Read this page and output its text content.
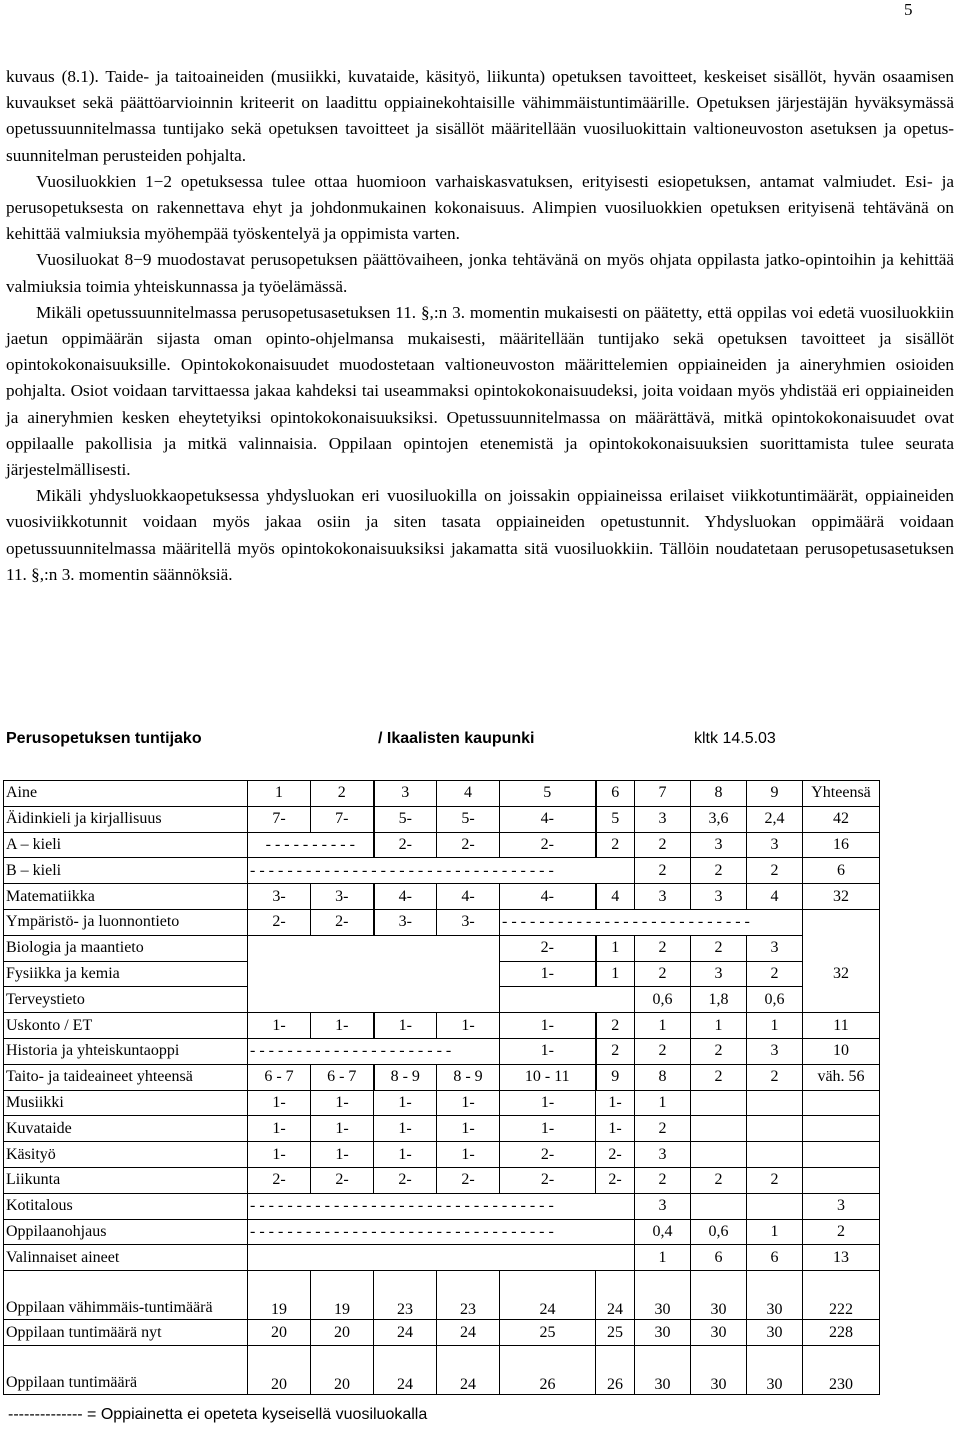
5

kuvaus (8.1). Taide- ja taitoaineiden (musiikki, kuvataide, käsityö, liikunta) opetuksen tavoitteet, keskeiset sisällöt, hyvän osaamisen kuvaukset sekä päättöarvioinnin kriteerit on laadittu oppiainekohtaisille vähimmäistuntimäärille. Opetuksen järjestäjän hyväksymässä opetussuunnitelmassa tuntijako sekä opetuksen tavoitteet ja sisällöt määritellään vuosiluokittain valtioneuvoston asetuksen ja opetus-suunnitelman perusteiden pohjalta.

Vuosiluokkien 1−2 opetuksessa tulee ottaa huomioon varhaiskasvatuksen, erityisesti esiopetuksen, antamat valmiudet. Esi- ja perusopetuksesta on rakennettava ehyt ja johdonmukainen kokonaisuus. Alimpien vuosiluokkien opetuksen erityisenä tehtävänä on kehittää valmiuksia myöhempää työskentelyä ja oppimista varten.

Vuosiluokat 8−9 muodostavat perusopetuksen päättövaiheen, jonka tehtävänä on myös ohjata oppilasta jatko-opintoihin ja kehittää valmiuksia toimia yhteiskunnassa ja työelämässä.

Mikäli opetussuunnitelmassa perusopetusasetuksen 11. §,:n 3. momentin mukaisesti on päätetty, että oppilas voi edetä vuosiluokkiin jaetun oppimäärän sijasta oman opinto-ohjelmansa mukaisesti, määritellään tuntijako sekä opetuksen tavoitteet ja sisällöt opintokokonaisuuksille. Opintokokonaisuudet muodostetaan valtioneuvoston määrittelemien oppiaineiden ja aineryhmien osioiden pohjalta. Osiot voidaan tarvittaessa jakaa kahdeksi tai useammaksi opintokokonaisuudeksi, joita voidaan myös yhdistää eri oppiaineiden ja aineryhmien kesken eheytetyiksi opintokokonaisuuksiksi. Opetussuunnitelmassa on määrättävä, mitkä opintokokonaisuudet ovat oppilaalle pakollisia ja mitkä valinnaisia. Oppilaan opintojen etenemistä ja opintokokonaisuuksien suorittamista tulee seurata järjestelmällisesti.

Mikäli yhdysluokkaopetuksessa yhdysluokan eri vuosiluokilla on joissakin oppiaineissa erilaiset viikkotuntimäärät, oppiaineiden vuosiviikkotunnit voidaan myös jakaa osiin ja siten tasata oppiaineiden opetustunnit. Yhdysluokan oppimäärä voidaan opetussuunnitelmassa määritellä myös opintokokonaisuuksiksi jakamatta sitä vuosiluokkiin. Tällöin noudatetaan perusopetusasetuksen 11. §,:n 3. momentin säännöksiä.

Perusopetuksen tuntijako	/ Ikaalisten kaupunki	kltk 14.5.03
Aine	1	2	3	4	5	6	7	8	9	Yhteensä
Äidinkieli ja kirjallisuus	7-	7-	5-	5-	4-	5	3	3,6	2,4	42
A – kieli	- - - - - - - - - -		2-	2-	2-	2	2	3	3	16
B – kieli	- - - - - - - - - - - - - - - - - - - - - - - - - - - - - - - - -						2	2	2	6
Matematiikka	3-	3-	4-	4-	4-	4	3	3	4	32
Ympäristö- ja luonnontieto	2-	2-	3-	3-	- - - - - - - - - - - - - - - - - - - - - - - - - - -					
Biologia ja maantieto					2-	1	2	2	3	
Fysiikka ja kemia					1-	1	2	3	2	32
Terveystieto							0,6	1,8	0,6	
Uskonto / ET	1-	1-	1-	1-	1-	2	1	1	1	11
Historia ja yhteiskuntaoppi	- - - - - - - - - - - - - - - - - - - - - -				1-	2	2	2	3	10
Taito- ja taideaineet yhteensä	6 - 7	6 - 7	8 - 9	8 - 9	10 - 11	9	8	2	2	väh. 56
Musiikki	1-	1-	1-	1-	1-	1-	1			
Kuvataide	1-	1-	1-	1-	1-	1-	2			
Käsityö	1-	1-	1-	1-	2-	2-	3			
Liikunta	2-	2-	2-	2-	2-	2-	2	2	2	
Kotitalous	- - - - - - - - - - - - - - - - - - - - - - - - - - - - - - - - -						3			3
Oppilaanohjaus	- - - - - - - - - - - - - - - - - - - - - - - - - - - - - - - - -						0,4	0,6	1	2
Valinnaiset aineet							1	6	6	13
Oppilaan vähimmäis-tuntimäärä	19	19	23	23	24	24	30	30	30	222
Oppilaan tuntimäärä nyt	20	20	24	24	25	25	30	30	30	228
Oppilaan tuntimäärä	20	20	24	24	26	26	30	30	30	230
-------------- = Oppiainetta ei opeteta kyseisellä vuosiluokalla
